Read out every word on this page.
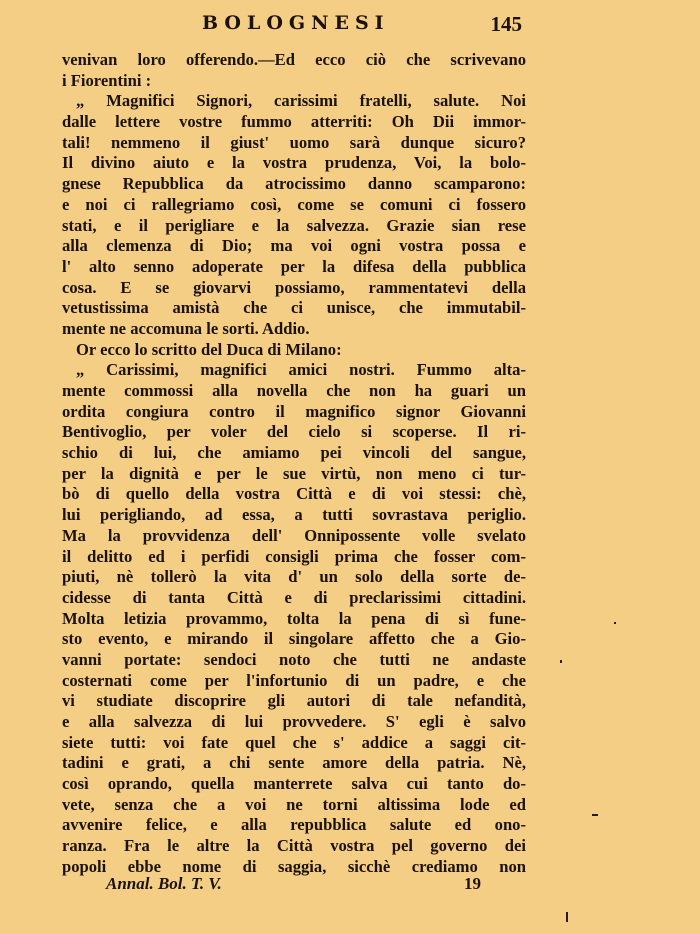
BOLOGNESI	145
venivan loro offerendo.—Ed ecco ciò che scrivevano
i Fiorentini :
„ Magnifici Signori, carissimi fratelli, salute. Noi
dalle lettere vostre fummo atterriti: Oh Dii immor-
tali! nemmeno il giust' uomo sarà dunque sicuro?
Il divino aiuto e la vostra prudenza, Voi, la bolo-
gnese Repubblica da atrocissimo danno scamparono:
e noi ci rallegriamo così, come se comuni ci fossero
stati, e il perigliare e la salvezza. Grazie sian rese
alla clemenza di Dio; ma voi ogni vostra possa e
l' alto senno adoperate per la difesa della pubblica
cosa. E se giovarvi possiamo, rammentatevi della
vetustissima amistà che ci unisce, che immutabil-
mente ne accomuna le sorti. Addio.
Or ecco lo scritto del Duca di Milano:
„ Carissimi, magnifici amici nostri. Fummo alta-
mente commossi alla novella che non ha guari un
ordita congiura contro il magnifico signor Giovanni
Bentivoglio, per voler del cielo si scoperse. Il ri-
schio di lui, che amiamo pei vincoli del sangue,
per la dignità e per le sue virtù, non meno ci tur-
bò di quello della vostra Città e di voi stessi: chè,
lui perigliando, ad essa, a tutti sovrastava periglio.
Ma la provvidenza dell' Onnipossente volle svelato
il delitto ed i perfidi consigli prima che fosser com-
piuti, nè tollerò la vita d' un solo della sorte de-
cidesse di tanta Città e di preclarissimi cittadini.
Molta letizia provammo, tolta la pena di sì fune-
sto evento, e mirando il singolare affetto che a Gio-
vanni portate: sendoci noto che tutti ne andaste
costernati come per l'infortunio di un padre, e che
vi studiate discoprire gli autori di tale nefandità,
e alla salvezza di lui provvedere. S' egli è salvo
siete tutti: voi fate quel che s' addice a saggi cit-
tadini e grati, a chi sente amore della patria. Nè,
così oprando, quella manterrete salva cui tanto do-
vete, senza che a voi ne torni altissima lode ed
avvenire felice, e alla repubblica salute ed ono-
ranza. Fra le altre la Città vostra pel governo dei
popoli ebbe nome di saggia, sicchè crediamo non
Annal. Bol. T. V.	19
